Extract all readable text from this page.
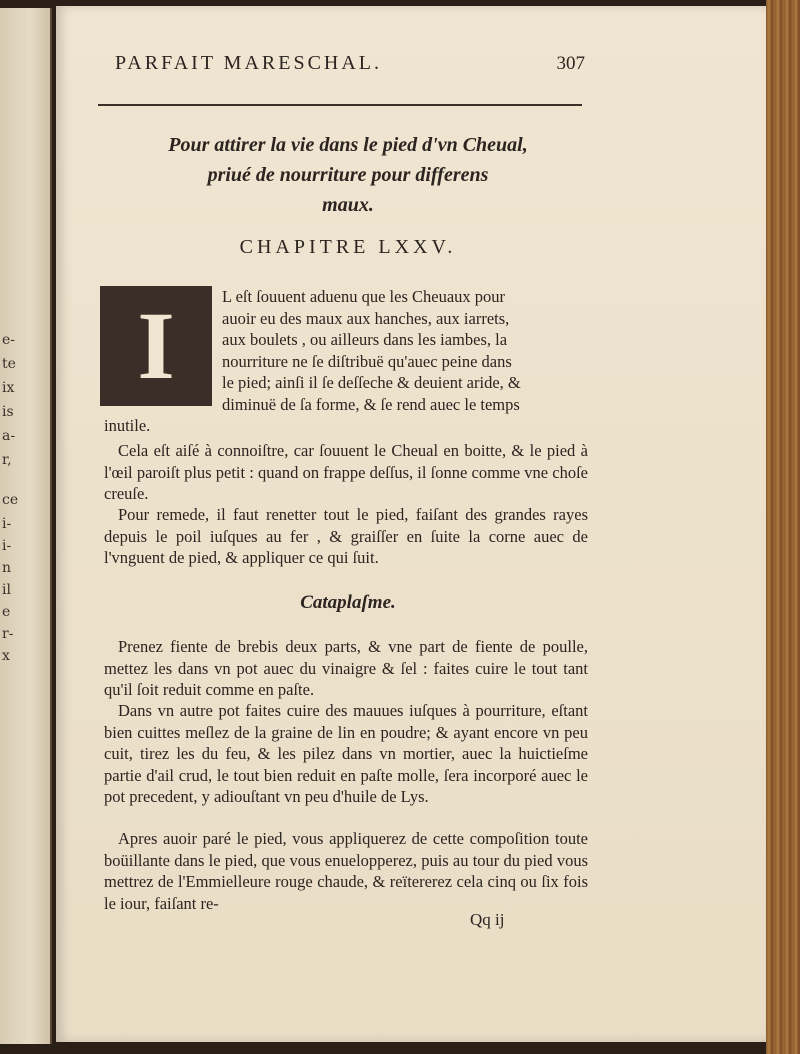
e-
te
ix
is
a-
r,
ce
i-
i-
n
il
e
r-
x
PARFAIT MARESCHAL.	307
Pour attirer la vie dans le pied d'vn Cheual,
priué de nourriture pour differens
maux.
CHAPITRE LXXV.
I	L eſt ſouuent aduenu que les Cheuaux pour
auoir eu des maux aux hanches, aux iarrets,
aux boulets , ou ailleurs dans les iambes, la
nourriture ne ſe diſtribuë qu'auec peine dans
le pied; ainſi il ſe deſſeche & deuient aride, &
diminuë de ſa forme, & ſe rend auec le temps
inutile.

Cela eſt aiſé à connoiſtre, car ſouuent le Cheual en boitte, & le pied à l'œil paroiſt plus petit : quand on frappe deſſus, il ſonne comme vne choſe creuſe.

Pour remede, il faut renetter tout le pied, faiſant des grandes rayes depuis le poil iuſques au fer , & graiſſer en ſuite la corne auec de l'vnguent de pied, & appliquer ce qui ſuit.

Cataplaſme.

Prenez fiente de brebis deux parts, & vne part de fiente de poulle, mettez les dans vn pot auec du vinaigre & ſel : faites cuire le tout tant qu'il ſoit reduit comme en paſte.

Dans vn autre pot faites cuire des mauues iuſques à pourriture, eſtant bien cuittes meſlez de la graine de lin en poudre; & ayant encore vn peu cuit, tirez les du feu, & les pilez dans vn mortier, auec la huictieſme partie d'ail crud, le tout bien reduit en paſte molle, ſera incorporé auec le pot precedent, y adiouſtant vn peu d'huile de Lys.

Apres auoir paré le pied, vous appliquerez de cette compoſition toute boüillante dans le pied, que vous enuelopperez, puis au tour du pied vous mettrez de l'Emmielleure rouge chaude, & reïtererez cela cinq ou ſix fois le iour, faiſant re-

Qq ij
